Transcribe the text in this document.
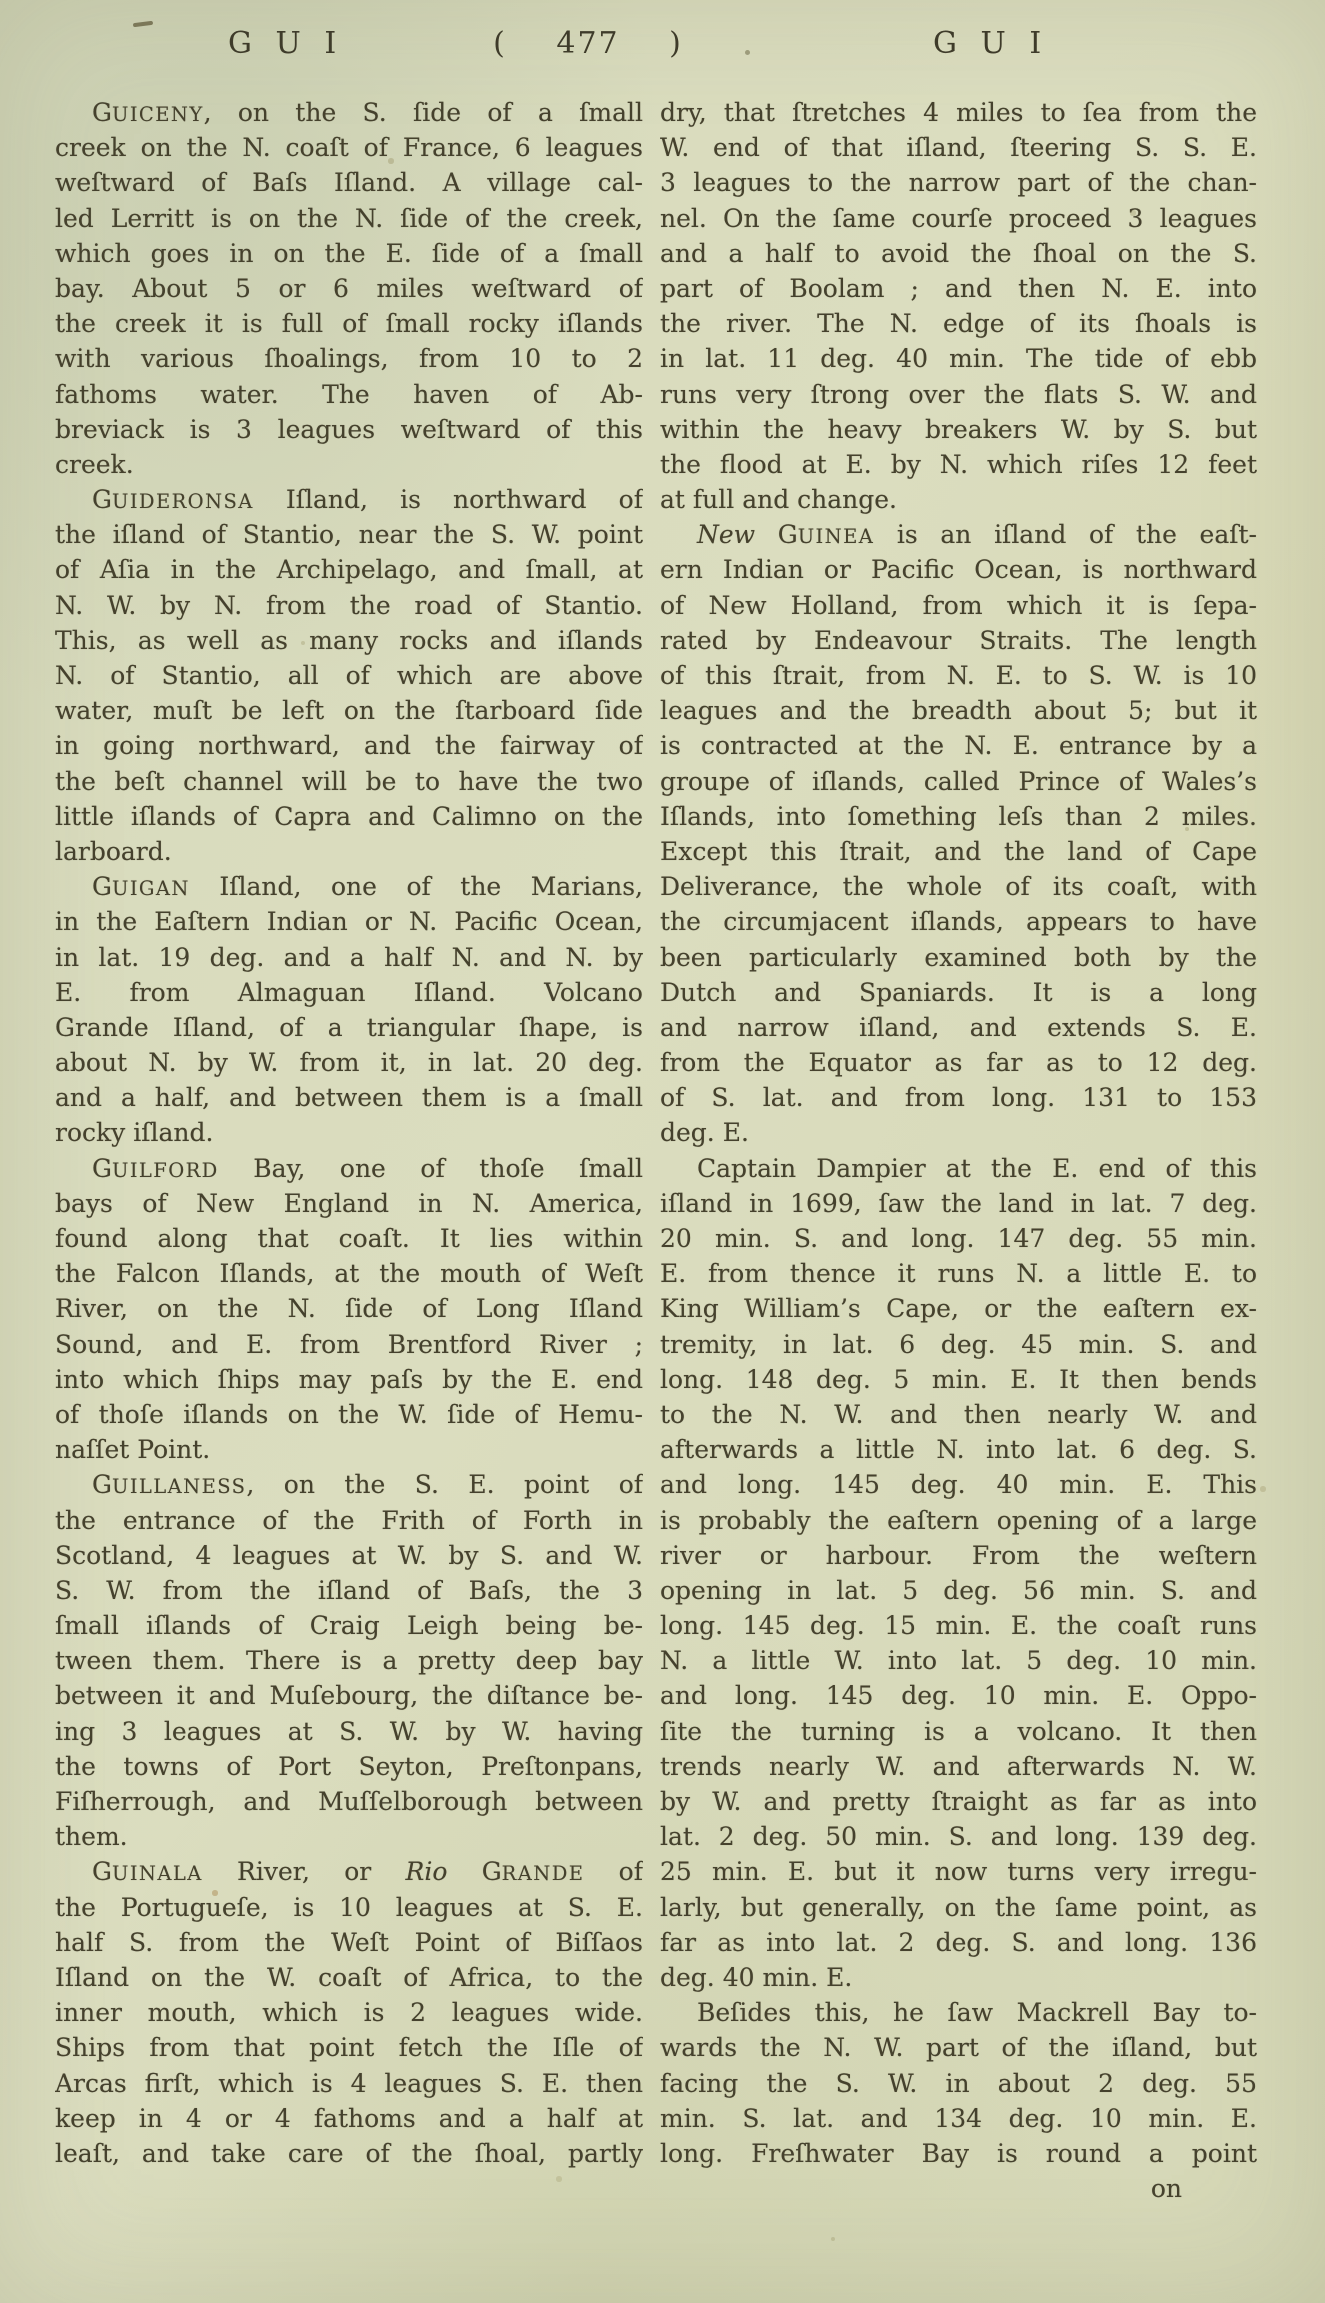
G U I	( 477 )	G U I
GUICENY, on the S. ſide of a ſmall
creek on the N. coaſt of France, 6 leagues
weſtward of Baſs Iſland. A village cal-
led Lerritt is on the N. ſide of the creek,
which goes in on the E. ſide of a ſmall
bay. About 5 or 6 miles weſtward of
the creek it is full of ſmall rocky iſlands
with various ſhoalings, from 10 to 2
fathoms water. The haven of Ab-
breviack is 3 leagues weſtward of this
creek.
GUIDERONSA Iſland, is northward of
the iſland of Stantio, near the S. W. point
of Aſia in the Archipelago, and ſmall, at
N. W. by N. from the road of Stantio.
This, as well as many rocks and iſlands
N. of Stantio, all of which are above
water, muſt be left on the ſtarboard ſide
in going northward, and the fairway of
the beſt channel will be to have the two
little iſlands of Capra and Calimno on the
larboard.
GUIGAN Iſland, one of the Marians,
in the Eaſtern Indian or N. Pacific Ocean,
in lat. 19 deg. and a half N. and N. by
E. from Almaguan Iſland. Volcano
Grande Iſland, of a triangular ſhape, is
about N. by W. from it, in lat. 20 deg.
and a half, and between them is a ſmall
rocky iſland.
GUILFORD Bay, one of thoſe ſmall
bays of New England in N. America,
found along that coaſt. It lies within
the Falcon Iſlands, at the mouth of Weſt
River, on the N. ſide of Long Iſland
Sound, and E. from Brentford River ;
into which ſhips may paſs by the E. end
of thoſe iſlands on the W. ſide of Hemu-
naſſet Point.
GUILLANESS, on the S. E. point of
the entrance of the Frith of Forth in
Scotland, 4 leagues at W. by S. and W.
S. W. from the iſland of Baſs, the 3
ſmall iſlands of Craig Leigh being be-
tween them. There is a pretty deep bay
between it and Muſebourg, the diſtance be-
ing 3 leagues at S. W. by W. having
the towns of Port Seyton, Preſtonpans,
Fiſherrough, and Muſſelborough between
them.
GUINALA River, or Rio GRANDE of
the Portugueſe, is 10 leagues at S. E.
half S. from the Weſt Point of Biſſaos
Iſland on the W. coaſt of Africa, to the
inner mouth, which is 2 leagues wide.
Ships from that point fetch the Iſle of
Arcas firſt, which is 4 leagues S. E. then
keep in 4 or 4 fathoms and a half at
leaſt, and take care of the ſhoal, partly
dry, that ſtretches 4 miles to ſea from the
W. end of that iſland, ſteering S. S. E.
3 leagues to the narrow part of the chan-
nel. On the ſame courſe proceed 3 leagues
and a half to avoid the ſhoal on the S.
part of Boolam ; and then N. E. into
the river. The N. edge of its ſhoals is
in lat. 11 deg. 40 min. The tide of ebb
runs very ſtrong over the flats S. W. and
within the heavy breakers W. by S. but
the flood at E. by N. which riſes 12 feet
at full and change.
New GUINEA is an iſland of the eaſt-
ern Indian or Pacific Ocean, is northward
of New Holland, from which it is ſepa-
rated by Endeavour Straits. The length
of this ſtrait, from N. E. to S. W. is 10
leagues and the breadth about 5; but it
is contracted at the N. E. entrance by a
groupe of iſlands, called Prince of Wales’s
Iſlands, into ſomething leſs than 2 miles.
Except this ſtrait, and the land of Cape
Deliverance, the whole of its coaſt, with
the circumjacent iſlands, appears to have
been particularly examined both by the
Dutch and Spaniards. It is a long
and narrow iſland, and extends S. E.
from the Equator as far as to 12 deg.
of S. lat. and from long. 131 to 153
deg. E.
Captain Dampier at the E. end of this
iſland in 1699, ſaw the land in lat. 7 deg.
20 min. S. and long. 147 deg. 55 min.
E. from thence it runs N. a little E. to
King William’s Cape, or the eaſtern ex-
tremity, in lat. 6 deg. 45 min. S. and
long. 148 deg. 5 min. E. It then bends
to the N. W. and then nearly W. and
afterwards a little N. into lat. 6 deg. S.
and long. 145 deg. 40 min. E. This
is probably the eaſtern opening of a large
river or harbour. From the weſtern
opening in lat. 5 deg. 56 min. S. and
long. 145 deg. 15 min. E. the coaſt runs
N. a little W. into lat. 5 deg. 10 min.
and long. 145 deg. 10 min. E. Oppo-
ſite the turning is a volcano. It then
trends nearly W. and afterwards N. W.
by W. and pretty ſtraight as far as into
lat. 2 deg. 50 min. S. and long. 139 deg.
25 min. E. but it now turns very irregu-
larly, but generally, on the ſame point, as
far as into lat. 2 deg. S. and long. 136
deg. 40 min. E.
Beſides this, he ſaw Mackrell Bay to-
wards the N. W. part of the iſland, but
facing the S. W. in about 2 deg. 55
min. S. lat. and 134 deg. 10 min. E.
long. Freſhwater Bay is round a point
on
